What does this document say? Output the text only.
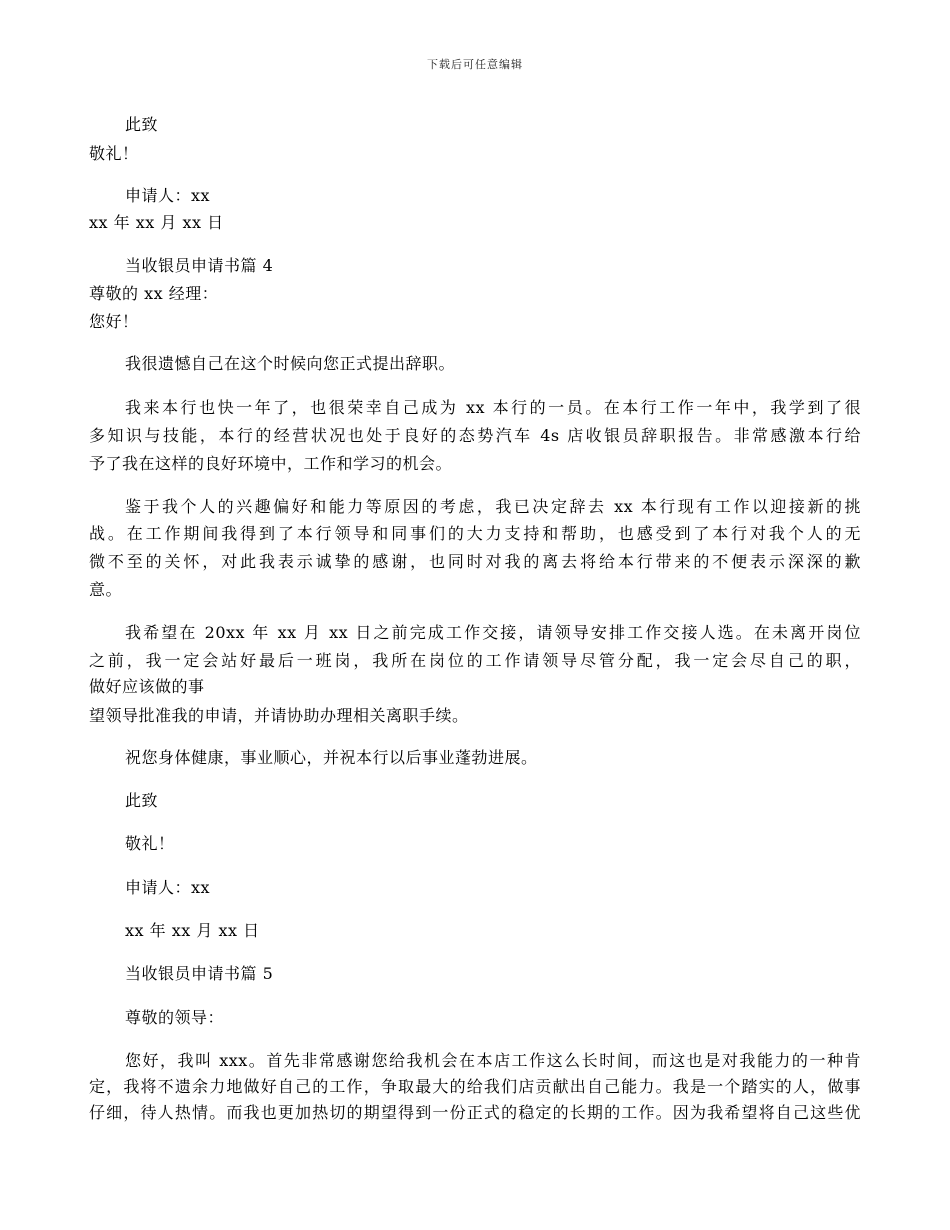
下载后可任意编辑
此致
敬礼！
申请人：xx
xx 年 xx 月 xx 日
当收银员申请书篇 4
尊敬的 xx 经理：
您好！
我很遗憾自己在这个时候向您正式提出辞职。
我来本行也快一年了，也很荣幸自己成为 xx 本行的一员。在本行工作一年中，我学到了很
多知识与技能，本行的经营状况也处于良好的态势汽车 4s 店收银员辞职报告。非常感激本行给
予了我在这样的良好环境中，工作和学习的机会。
鉴于我个人的兴趣偏好和能力等原因的考虑，我已决定辞去 xx 本行现有工作以迎接新的挑
战。在工作期间我得到了本行领导和同事们的大力支持和帮助，也感受到了本行对我个人的无
微不至的关怀，对此我表示诚挚的感谢，也同时对我的离去将给本行带来的不便表示深深的歉
意。
我希望在 20xx 年 xx 月 xx 日之前完成工作交接，请领导安排工作交接人选。在未离开岗位
之前，我一定会站好最后一班岗，我所在岗位的工作请领导尽管分配，我一定会尽自己的职，
做好应该做的事
望领导批准我的申请，并请协助办理相关离职手续。
祝您身体健康，事业顺心，并祝本行以后事业蓬勃进展。
此致
敬礼！
申请人：xx
xx 年 xx 月 xx 日
当收银员申请书篇 5
尊敬的领导：
您好，我叫 xxx。首先非常感谢您给我机会在本店工作这么长时间，而这也是对我能力的一种肯
定，我将不遗余力地做好自己的工作，争取最大的给我们店贡献出自己能力。我是一个踏实的人，做事
仔细，待人热情。而我也更加热切的期望得到一份正式的稳定的长期的工作。因为我希望将自己这些优
